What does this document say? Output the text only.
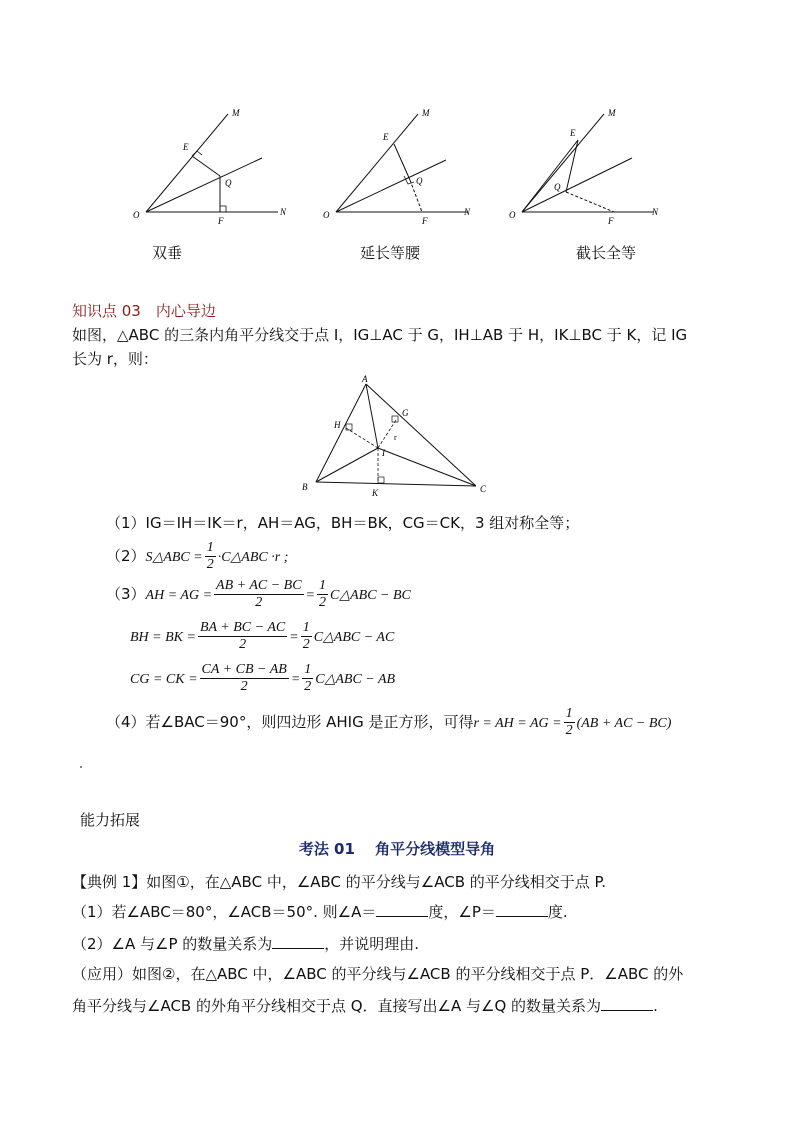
M
E
Q
O
F
N
双垂
M
E
Q
O
F
N
延长等腰
M
E
Q
O
F
N
截长全等
知识点 03　内心导边
如图，△ABC 的三条内角平分线交于点 I，IG⊥AC 于 G，IH⊥AB 于 H，IK⊥BC 于 K，记 IG
长为 r，则：
A
B	C
G
H
I
K
r
（1）IG＝IH＝IK＝r，AH＝AG，BH＝BK，CG＝CK，3 组对称全等；
（2）S△ABC = $\frac{1}{2}$ ·C△ABC ·r ;
（3）AH = AG = $\frac{AB + AC - BC}{2} = \frac{1}{2}$ C△ABC − BC
BH = BK = $\frac{BA + BC - AC}{2} = \frac{1}{2}$ C△ABC − AC
CG = CK = $\frac{CA + CB - AB}{2} = \frac{1}{2}$ C△ABC − AB
（4）若∠BAC＝90°，则四边形 AHIG 是正方形，可得r = AH = AG = $\frac{1}{2} (AB$ + AC − BC)
能力拓展
考法 01　 角平分线模型导角
【典例 1】如图①，在△ABC 中，∠ABC 的平分线与∠ACB 的平分线相交于点 P.
（1）若∠ABC＝80°，∠ACB＝50°. 则∠A＝	度，∠P＝	度.
（2）∠A 与∠P 的数量关系为	，并说明理由.
（应用）如图②，在△ABC 中，∠ABC 的平分线与∠ACB 的平分线相交于点 P．∠ABC 的外
角平分线与∠ACB 的外角平分线相交于点 Q．直接写出∠A 与∠Q 的数量关系为	.
